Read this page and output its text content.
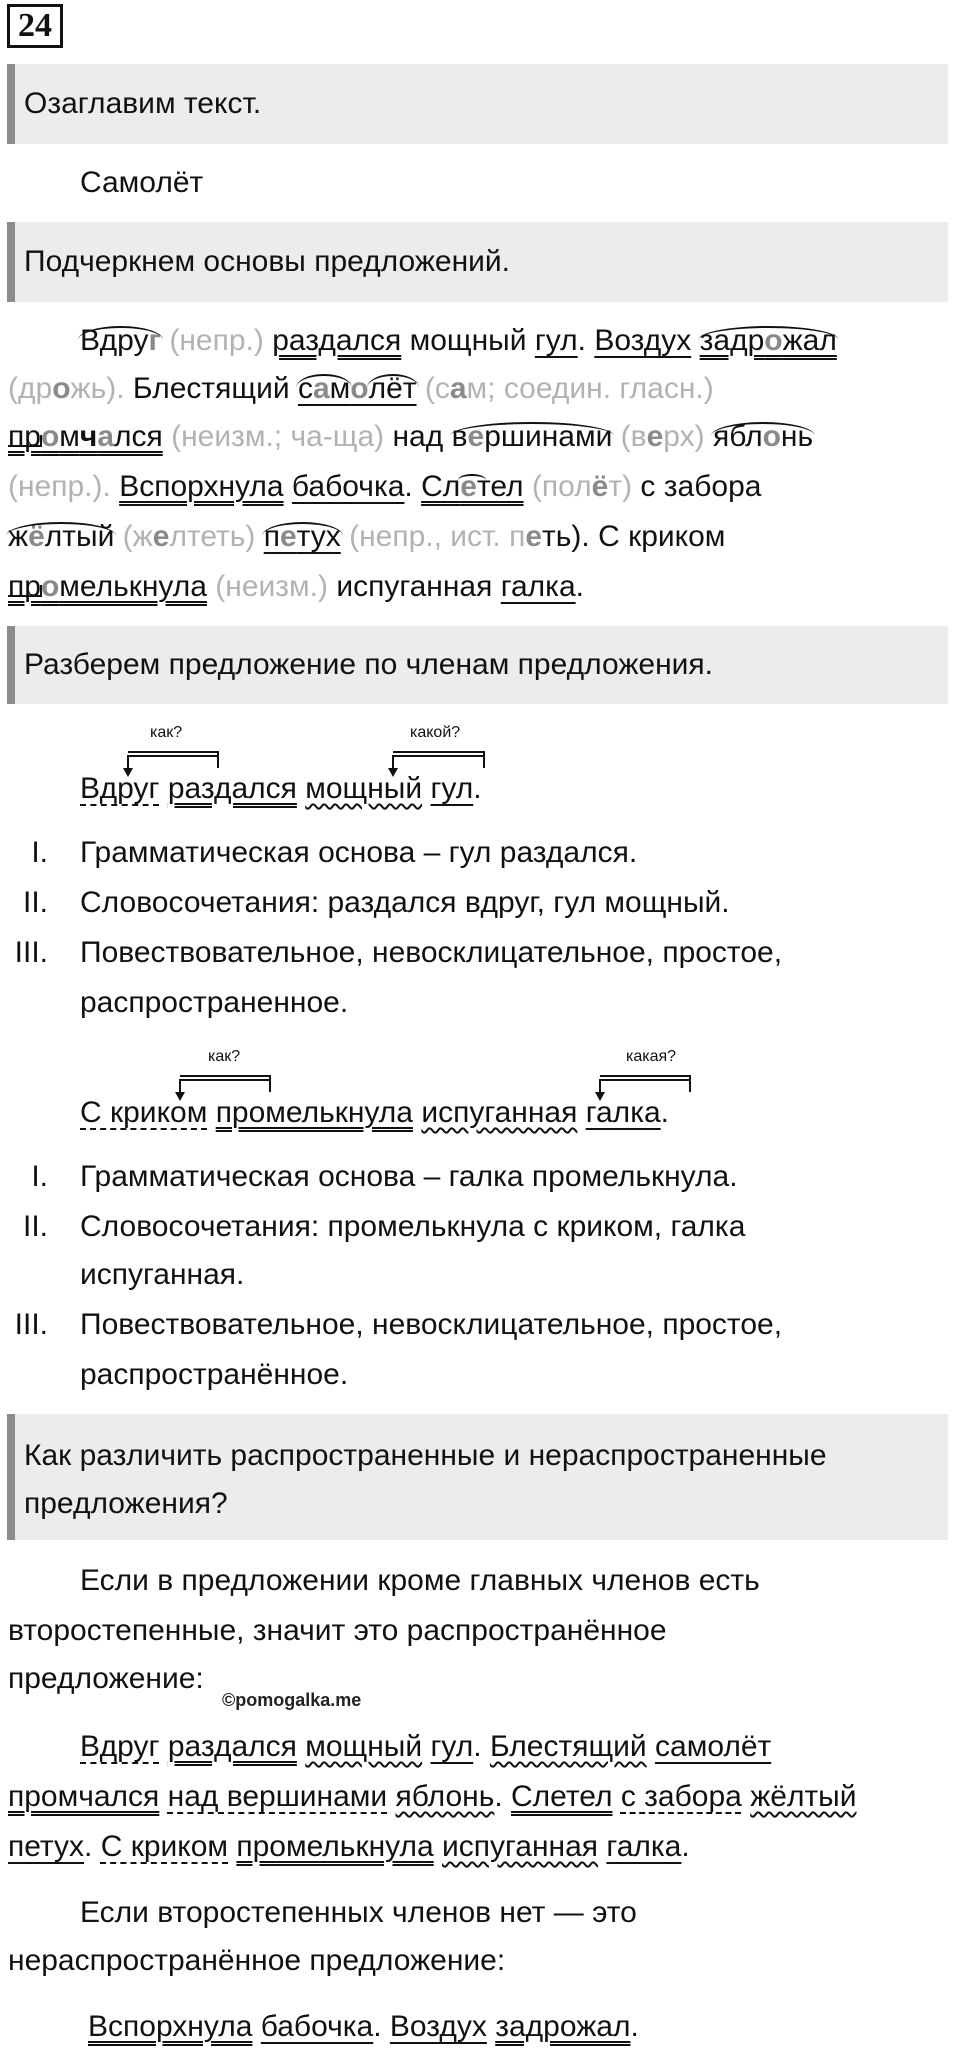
24
Озаглавим текст.
Самолёт
Подчеркнем основы предложений.
Вдруг (непр.) раздался мощный гул. Воздух задрожал
(дрожь). Блестящий самолёт (сам; соедин. гласн.)
промчался (неизм.; ча-ща) над вершинами (верх) яблонь
(непр.). Вспорхнула бабочка. Слетел (полёт) с забора
жёлтый (желтеть) петух (непр., ист. петь). С криком
промелькнула (неизм.) испуганная галка.
Разберем предложение по членам предложения.
как?	какой?
Вдруг раздался мощный гул.
I. Грамматическая основа – гул раздался.
II. Словосочетания: раздался вдруг, гул мощный.
III. Повествовательное, невосклицательное, простое,
распространенное.
как?	какая?
С криком промелькнула испуганная галка.
I. Грамматическая основа – галка промелькнула.
II. Словосочетания: промелькнула с криком, галка
испуганная.
III. Повествовательное, невосклицательное, простое,
распространённое.
Как различить распространенные и нераспространенные
предложения?
Если в предложении кроме главных членов есть
второстепенные, значит это распространённое
предложение:
©pomogalka.me
Вдруг раздался мощный гул. Блестящий самолёт
промчался над вершинами яблонь. Слетел с забора жёлтый
петух. С криком промелькнула испуганная галка.
Если второстепенных членов нет — это
нераспространённое предложение:
Вспорхнула бабочка. Воздух задрожал.
